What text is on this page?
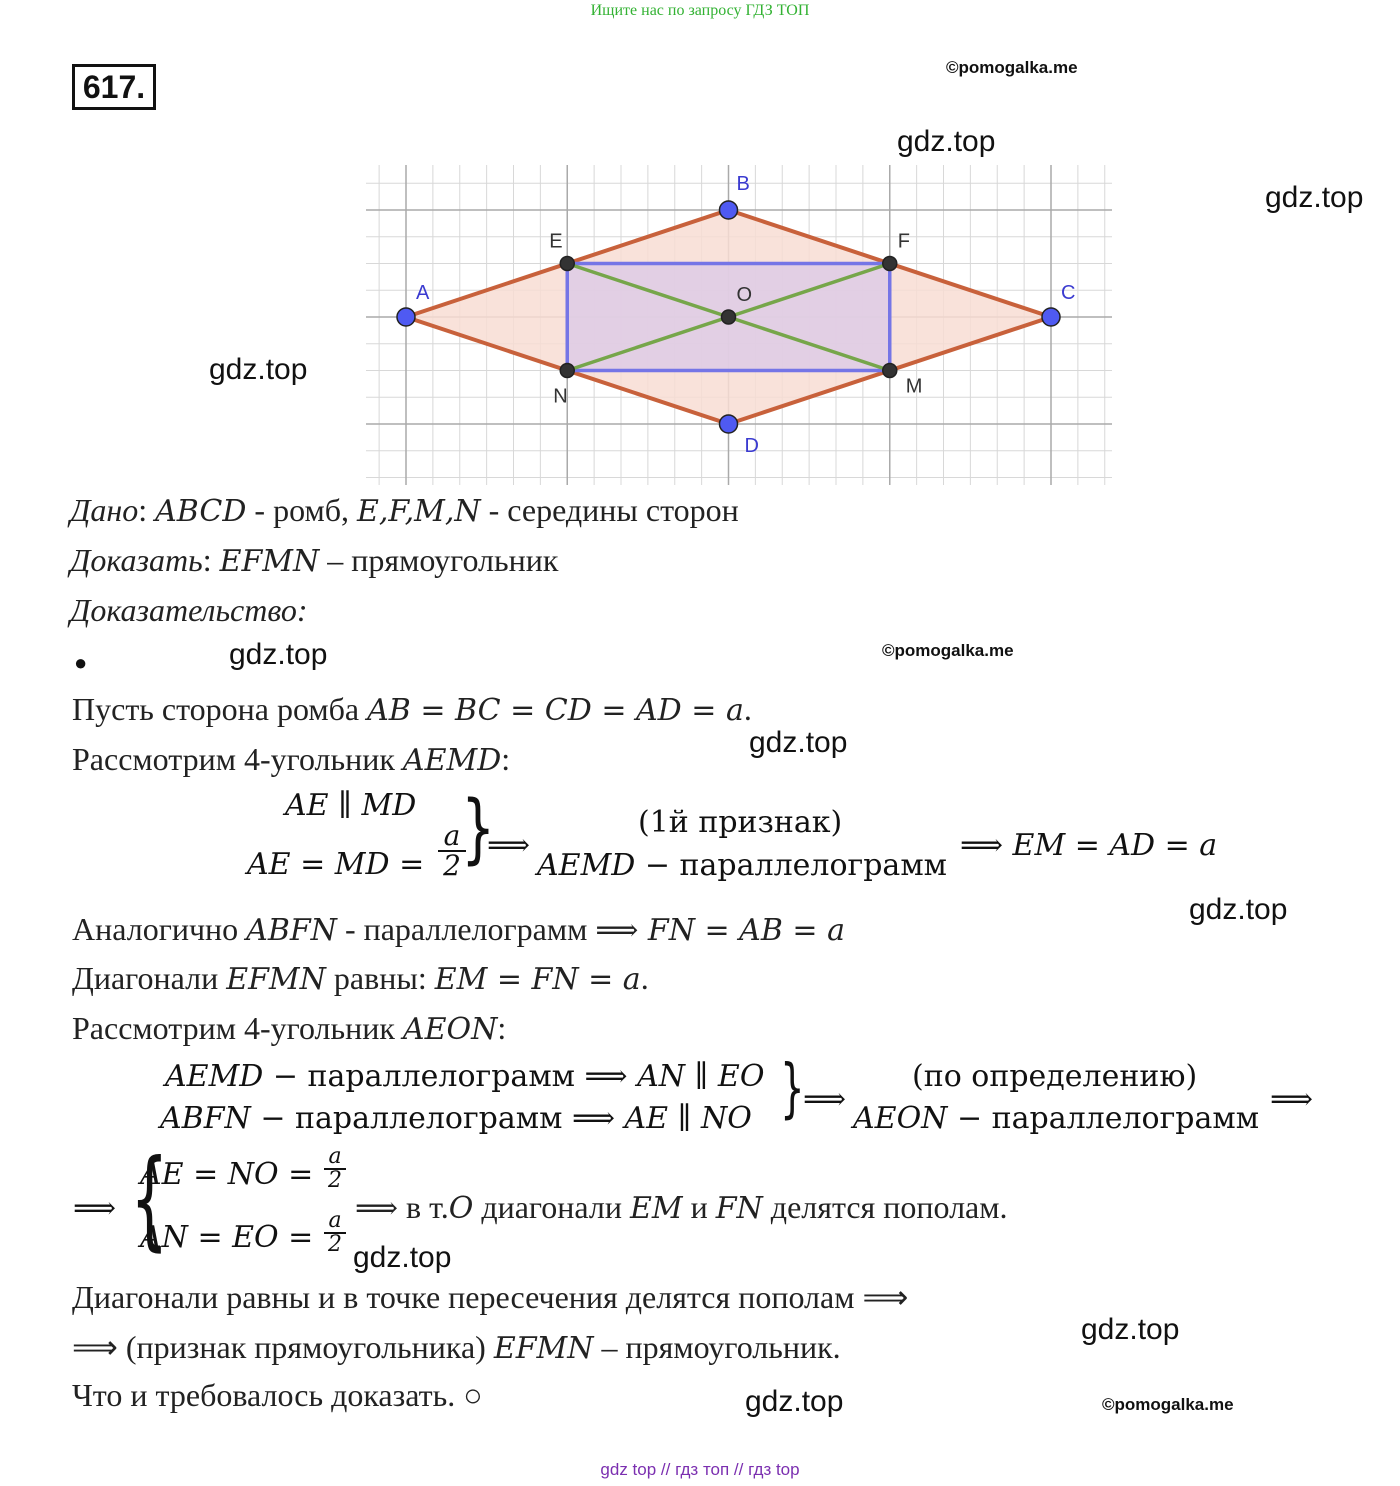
Ищите нас по запросу ГДЗ ТОП
617.
©pomogalka.me
gdz.top
gdz.top
gdz.top
gdz.top	©pomogalka.me
gdz.top
gdz.top
gdz.top
gdz.top
gdz.top	©pomogalka.me
A
B
C
D
E	F
M
N
O
Дано: ABCD - ромб, E,F,M,N - середины сторон
Доказать: EFMN – прямоугольник
Доказательство:
●
Пусть сторона ромба AB = BC = CD = AD = a.
Рассмотрим 4-угольник AEMD:
AE ∥ MD
AE = MD = $\frac{a}{2}$
}
⟹
(1й признак)
AEMD − параллелограмм
⟹ EM = AD = a
Аналогично ABFN - параллелограмм ⟹ FN = AB = a
Диагонали EFMN равны: EM = FN = a.
Рассмотрим 4-угольник AEON:
AEMD − параллелограмм ⟹ AN ∥ EO
ABFN − параллелограмм ⟹ AE ∥ NO }
⟹
(по определению)
AEON − параллелограмм
⟹
⟹ {
AE = NO = $\frac{a}{2}$
AN = EO = $\frac{a}{2}$
⟹ в т.O диагонали EM и FN делятся пополам.
Диагонали равны и в точке пересечения делятся пополам ⟹
⟹ (признак прямоугольника) EFMN – прямоугольник.
Что и требовалось доказать. ○
gdz top // гдз топ // гдз top
